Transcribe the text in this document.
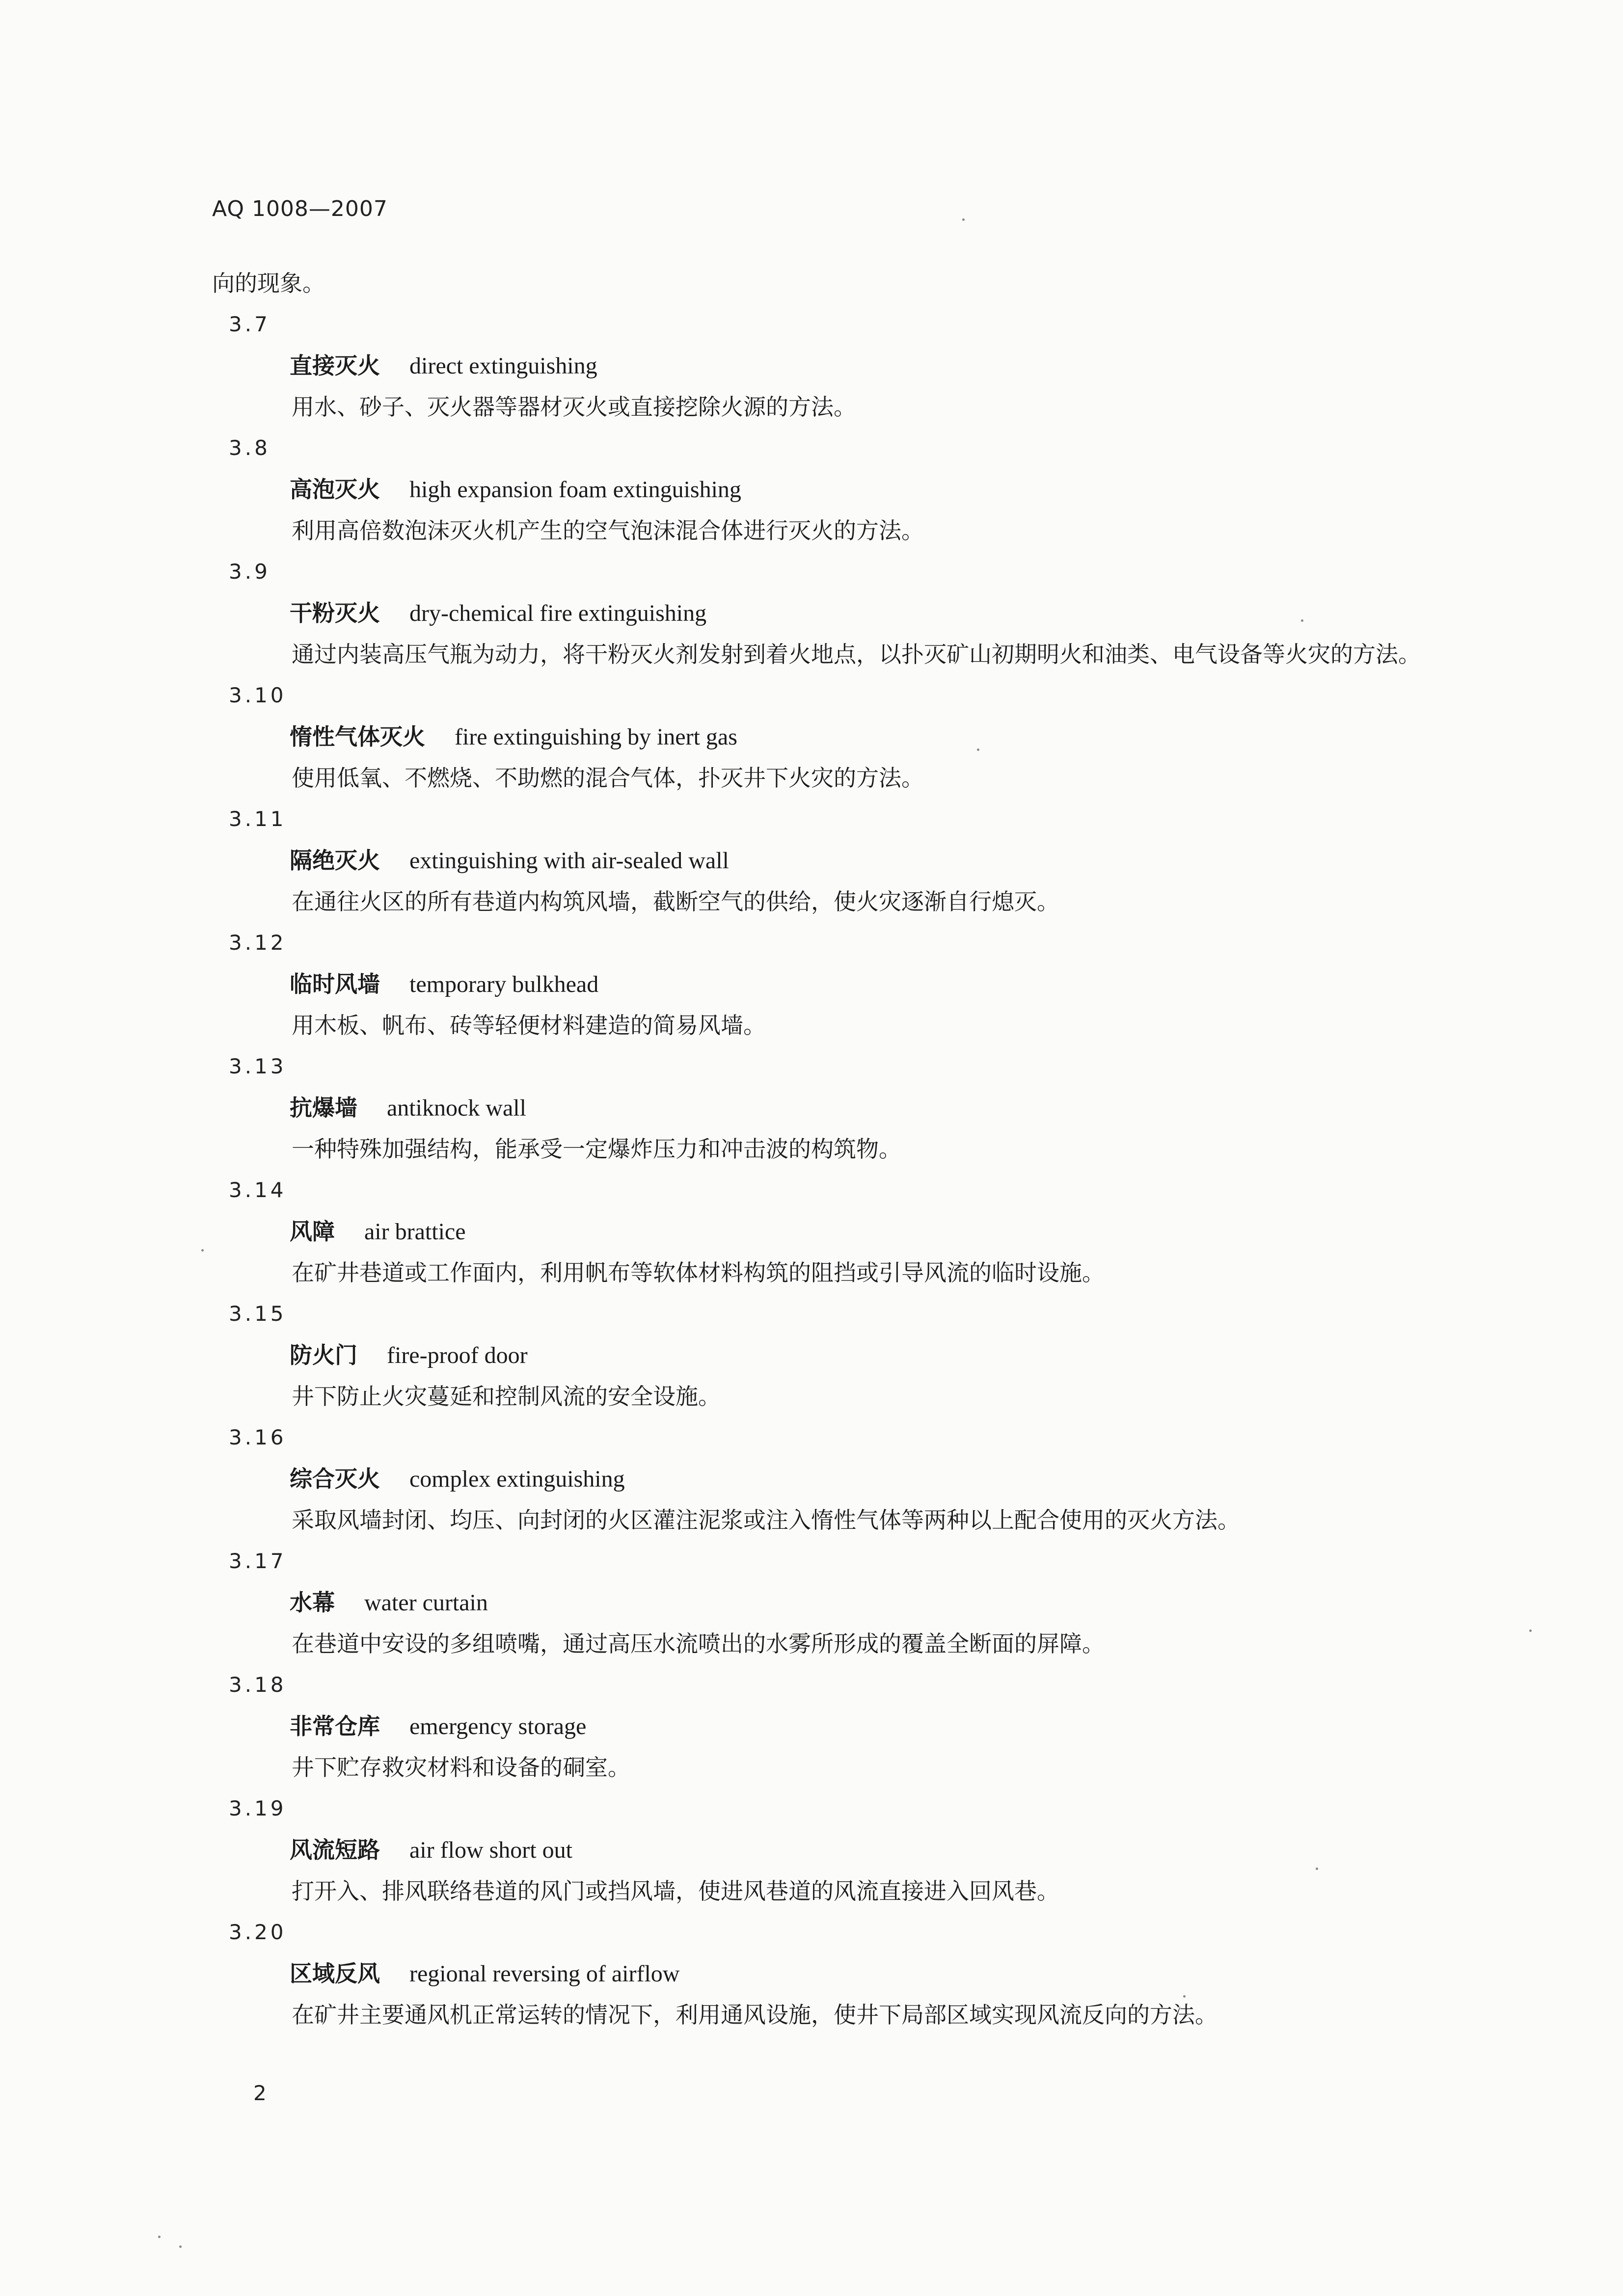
AQ 1008—2007
向的现象。
3.7
直接灭火 direct extinguishing
用水、砂子、灭火器等器材灭火或直接挖除火源的方法。
3.8
高泡灭火 high expansion foam extinguishing
利用高倍数泡沫灭火机产生的空气泡沫混合体进行灭火的方法。
3.9
干粉灭火 dry-chemical fire extinguishing
通过内装高压气瓶为动力，将干粉灭火剂发射到着火地点，以扑灭矿山初期明火和油类、电气设备等火灾的方法。
3.10
惰性气体灭火 fire extinguishing by inert gas
使用低氧、不燃烧、不助燃的混合气体，扑灭井下火灾的方法。
3.11
隔绝灭火 extinguishing with air-sealed wall
在通往火区的所有巷道内构筑风墙，截断空气的供给，使火灾逐渐自行熄灭。
3.12
临时风墙 temporary bulkhead
用木板、帆布、砖等轻便材料建造的简易风墙。
3.13
抗爆墙 antiknock wall
一种特殊加强结构，能承受一定爆炸压力和冲击波的构筑物。
3.14
风障 air brattice
在矿井巷道或工作面内，利用帆布等软体材料构筑的阻挡或引导风流的临时设施。
3.15
防火门 fire-proof door
井下防止火灾蔓延和控制风流的安全设施。
3.16
综合灭火 complex extinguishing
采取风墙封闭、均压、向封闭的火区灌注泥浆或注入惰性气体等两种以上配合使用的灭火方法。
3.17
水幕 water curtain
在巷道中安设的多组喷嘴，通过高压水流喷出的水雾所形成的覆盖全断面的屏障。
3.18
非常仓库 emergency storage
井下贮存救灾材料和设备的硐室。
3.19
风流短路 air flow short out
打开入、排风联络巷道的风门或挡风墙，使进风巷道的风流直接进入回风巷。
3.20
区域反风 regional reversing of airflow
在矿井主要通风机正常运转的情况下，利用通风设施，使井下局部区域实现风流反向的方法。
2
